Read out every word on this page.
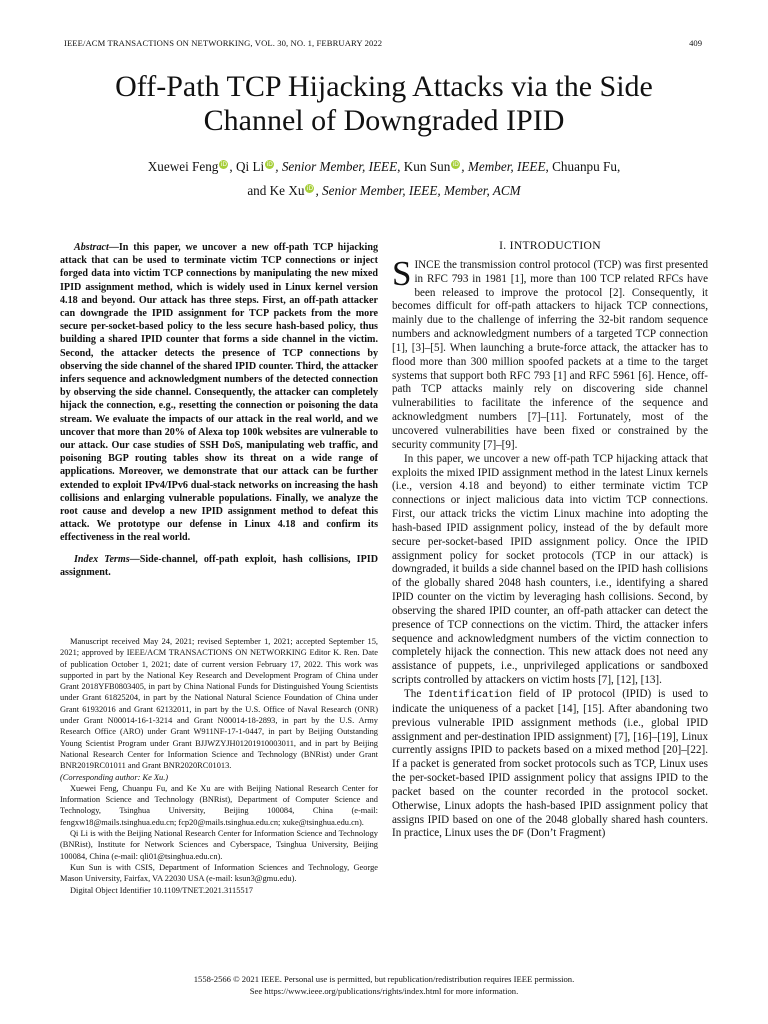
IEEE/ACM TRANSACTIONS ON NETWORKING, VOL. 30, NO. 1, FEBRUARY 2022	409
Off-Path TCP Hijacking Attacks via the Side
Channel of Downgraded IPID
Xuewei Feng iD , Qi Li iD , Senior Member, IEEE, Kun Sun iD , Member, IEEE, Chuanpu Fu,
and Ke Xu iD , Senior Member, IEEE, Member, ACM
Abstract—In this paper, we uncover a new off-path TCP hijacking attack that can be used to terminate victim TCP connections or inject forged data into victim TCP connections by manipulating the new mixed IPID assignment method, which is widely used in Linux kernel version 4.18 and beyond. Our attack has three steps. First, an off-path attacker can downgrade the IPID assignment for TCP packets from the more secure per-socket-based policy to the less secure hash-based policy, thus building a shared IPID counter that forms a side channel in the victim. Second, the attacker detects the presence of TCP connections by observing the side channel of the shared IPID counter. Third, the attacker infers sequence and acknowledgment numbers of the detected connection by observing the side channel. Consequently, the attacker can completely hijack the connection, e.g., resetting the connection or poisoning the data stream. We evaluate the impacts of our attack in the real world, and we uncover that more than 20% of Alexa top 100k websites are vulnerable to our attack. Our case studies of SSH DoS, manipulating web traffic, and poisoning BGP routing tables show its threat on a wide range of applications. Moreover, we demonstrate that our attack can be further extended to exploit IPv4/IPv6 dual-stack networks on increasing the hash collisions and enlarging vulnerable populations. Finally, we analyze the root cause and develop a new IPID assignment method to defeat this attack. We prototype our defense in Linux 4.18 and confirm its effectiveness in the real world.
Index Terms—Side-channel, off-path exploit, hash collisions, IPID assignment.

Manuscript received May 24, 2021; revised September 1, 2021; accepted September 15, 2021; approved by IEEE/ACM TRANSACTIONS ON NETWORKING Editor K. Ren. Date of publication October 1, 2021; date of current version February 17, 2022. This work was supported in part by the National Key Research and Development Program of China under Grant 2018YFB0803405, in part by China National Funds for Distinguished Young Scientists under Grant 61825204, in part by the National Natural Science Foundation of China under Grant 61932016 and Grant 62132011, in part by the U.S. Office of Naval Research (ONR) under Grant N00014-16-1-3214 and Grant N00014-18-2893, in part by the U.S. Army Research Office (ARO) under Grant W911NF-17-1-0447, in part by Beijing Outstanding Young Scientist Program under Grant BJJWZYJH01201910003011, and in part by Beijing National Research Center for Information Science and Technology (BNRist) under Grant BNR2019RC01011 and Grant BNR2020RC01013.

(Corresponding author: Ke Xu.)

Xuewei Feng, Chuanpu Fu, and Ke Xu are with Beijing National Research Center for Information Science and Technology (BNRist), Department of Computer Science and Technology, Tsinghua University, Beijing 100084, China (e-mail: fengxw18@mails.tsinghua.edu.cn; fcp20@mails.tsinghua.edu.cn; xuke@tsinghua.edu.cn).

Qi Li is with the Beijing National Research Center for Information Science and Technology (BNRist), Institute for Network Sciences and Cyberspace, Tsinghua University, Beijing 100084, China (e-mail: qli01@tsinghua.edu.cn).

Kun Sun is with CSIS, Department of Information Sciences and Technology, George Mason University, Fairfax, VA 22030 USA (e-mail: ksun3@gmu.edu).

Digital Object Identifier 10.1109/TNET.2021.3115517

I. INTRODUCTION

SINCE the transmission control protocol (TCP) was first presented in RFC 793 in 1981 [1], more than 100 TCP related RFCs have been released to improve the protocol [2]. Consequently, it becomes difficult for off-path attackers to hijack TCP connections, mainly due to the challenge of inferring the 32-bit random sequence numbers and acknowledgment numbers of a targeted TCP connection [1], [3]–[5]. When launching a brute-force attack, the attacker has to flood more than 300 million spoofed packets at a time to the target systems that support both RFC 793 [1] and RFC 5961 [6]. Hence, off-path TCP attacks mainly rely on discovering side channel vulnerabilities to facilitate the inference of the sequence and acknowledgment numbers [7]–[11]. Fortunately, most of the uncovered vulnerabilities have been fixed or constrained by the security community [7]–[9].

In this paper, we uncover a new off-path TCP hijacking attack that exploits the mixed IPID assignment method in the latest Linux kernels (i.e., version 4.18 and beyond) to either terminate victim TCP connections or inject malicious data into victim TCP connections. First, our attack tricks the victim Linux machine into adopting the hash-based IPID assignment policy, instead of the by default more secure per-socket-based IPID assignment policy. Once the IPID assignment policy for socket protocols (TCP in our attack) is downgraded, it builds a side channel based on the IPID hash collisions of the globally shared 2048 hash counters, i.e., identifying a shared IPID counter on the victim by leveraging hash collisions. Second, by observing the shared IPID counter, an off-path attacker can detect the presence of TCP connections on the victim. Third, the attacker infers sequence and acknowledgment numbers of the victim connection to completely hijack the connection. This new attack does not need any assistance of puppets, i.e., unprivileged applications or sandboxed scripts controlled by attackers on victim hosts [7], [12], [13].

The Identification field of IP protocol (IPID) is used to indicate the uniqueness of a packet [14], [15]. After abandoning two previous vulnerable IPID assignment methods (i.e., global IPID assignment and per-destination IPID assignment) [7], [16]–[19], Linux currently assigns IPID to packets based on a mixed method [20]–[22]. If a packet is generated from socket protocols such as TCP, Linux uses the per-socket-based IPID assignment policy that assigns IPID to the packet based on the counter recorded in the protocol socket. Otherwise, Linux adopts the hash-based IPID assignment policy that assigns IPID based on one of the 2048 globally shared hash counters. In practice, Linux uses the DF (Don’t Fragment)

1558-2566 © 2021 IEEE. Personal use is permitted, but republication/redistribution requires IEEE permission.
See https://www.ieee.org/publications/rights/index.html for more information.
